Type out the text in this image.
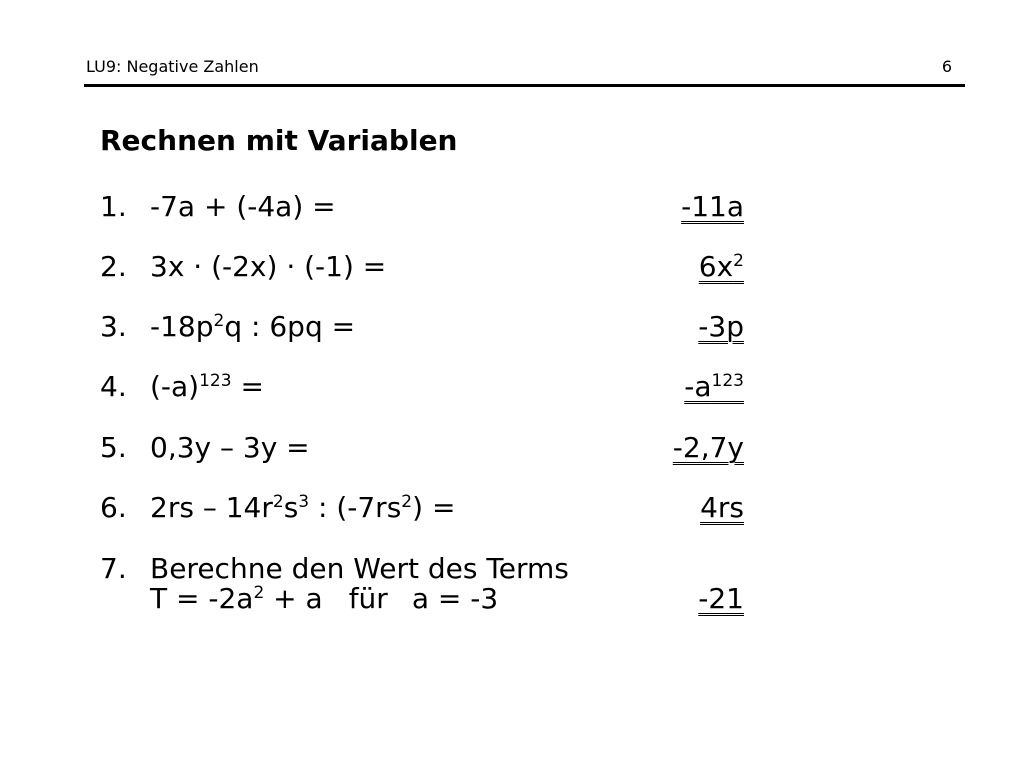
LU9: Negative Zahlen	6
Rechnen mit Variablen
1. -7a + (-4a) =	-11a
2. 3x · (-2x) · (-1) =	$6x^2$
3. $-18p^2q$ : 6pq =	-3p
4. $(-a)^{123}$ =	$-a^{123}$
5. 0,3y – 3y =	-2,7y
6. $2rs - 14r^2s^3$ : $(-7rs^2)$ =	4rs
7. Berechne den Wert des Terms
$T = -2a^2 + a$ für a = -3	-21
